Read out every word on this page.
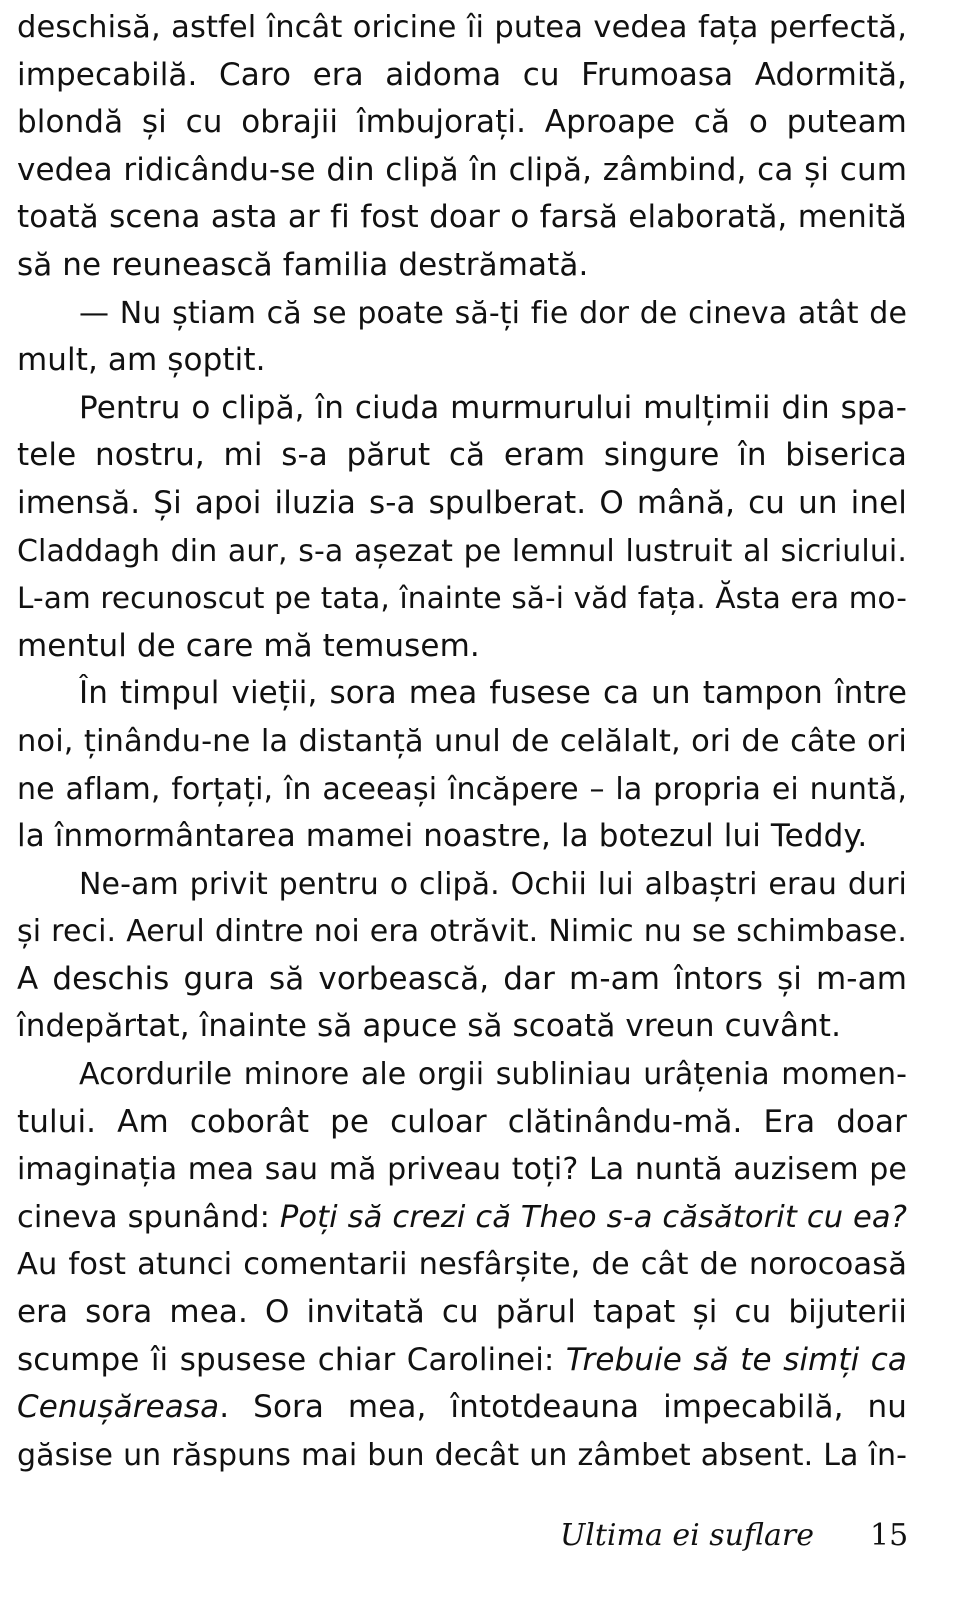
deschisă, astfel încât oricine îi putea vedea fața perfectă,
impecabilă. Caro era aidoma cu Frumoasa Adormită,
blondă și cu obrajii îmbujorați. Aproape că o puteam
vedea ridicându-se din clipă în clipă, zâmbind, ca și cum
toată scena asta ar fi fost doar o farsă elaborată, menită
să ne reunească familia destrămată.
— Nu știam că se poate să-ți fie dor de cineva atât de
mult, am șoptit.
Pentru o clipă, în ciuda murmurului mulțimii din spa-
tele nostru, mi s-a părut că eram singure în biserica
imensă. Și apoi iluzia s-a spulberat. O mână, cu un inel
Claddagh din aur, s-a așezat pe lemnul lustruit al sicriului.
L-am recunoscut pe tata, înainte să-i văd fața. Ăsta era mo-
mentul de care mă temusem.
În timpul vieții, sora mea fusese ca un tampon între
noi, ținându-ne la distanță unul de celălalt, ori de câte ori
ne aflam, forțați, în aceeași încăpere – la propria ei nuntă,
la înmormântarea mamei noastre, la botezul lui Teddy.
Ne-am privit pentru o clipă. Ochii lui albaștri erau duri
și reci. Aerul dintre noi era otrăvit. Nimic nu se schimbase.
A deschis gura să vorbească, dar m-am întors și m-am
îndepărtat, înainte să apuce să scoată vreun cuvânt.
Acordurile minore ale orgii subliniau urâțenia momen-
tului. Am coborât pe culoar clătinându-mă. Era doar
imaginația mea sau mă priveau toți? La nuntă auzisem pe
cineva spunând: Poți să crezi că Theo s-a căsătorit cu ea?
Au fost atunci comentarii nesfârșite, de cât de norocoasă
era sora mea. O invitată cu părul tapat și cu bijuterii
scumpe îi spusese chiar Carolinei: Trebuie să te simți ca
Cenușăreasa. Sora mea, întotdeauna impecabilă, nu
găsise un răspuns mai bun decât un zâmbet absent. La în-
Ultima ei suflare 15
